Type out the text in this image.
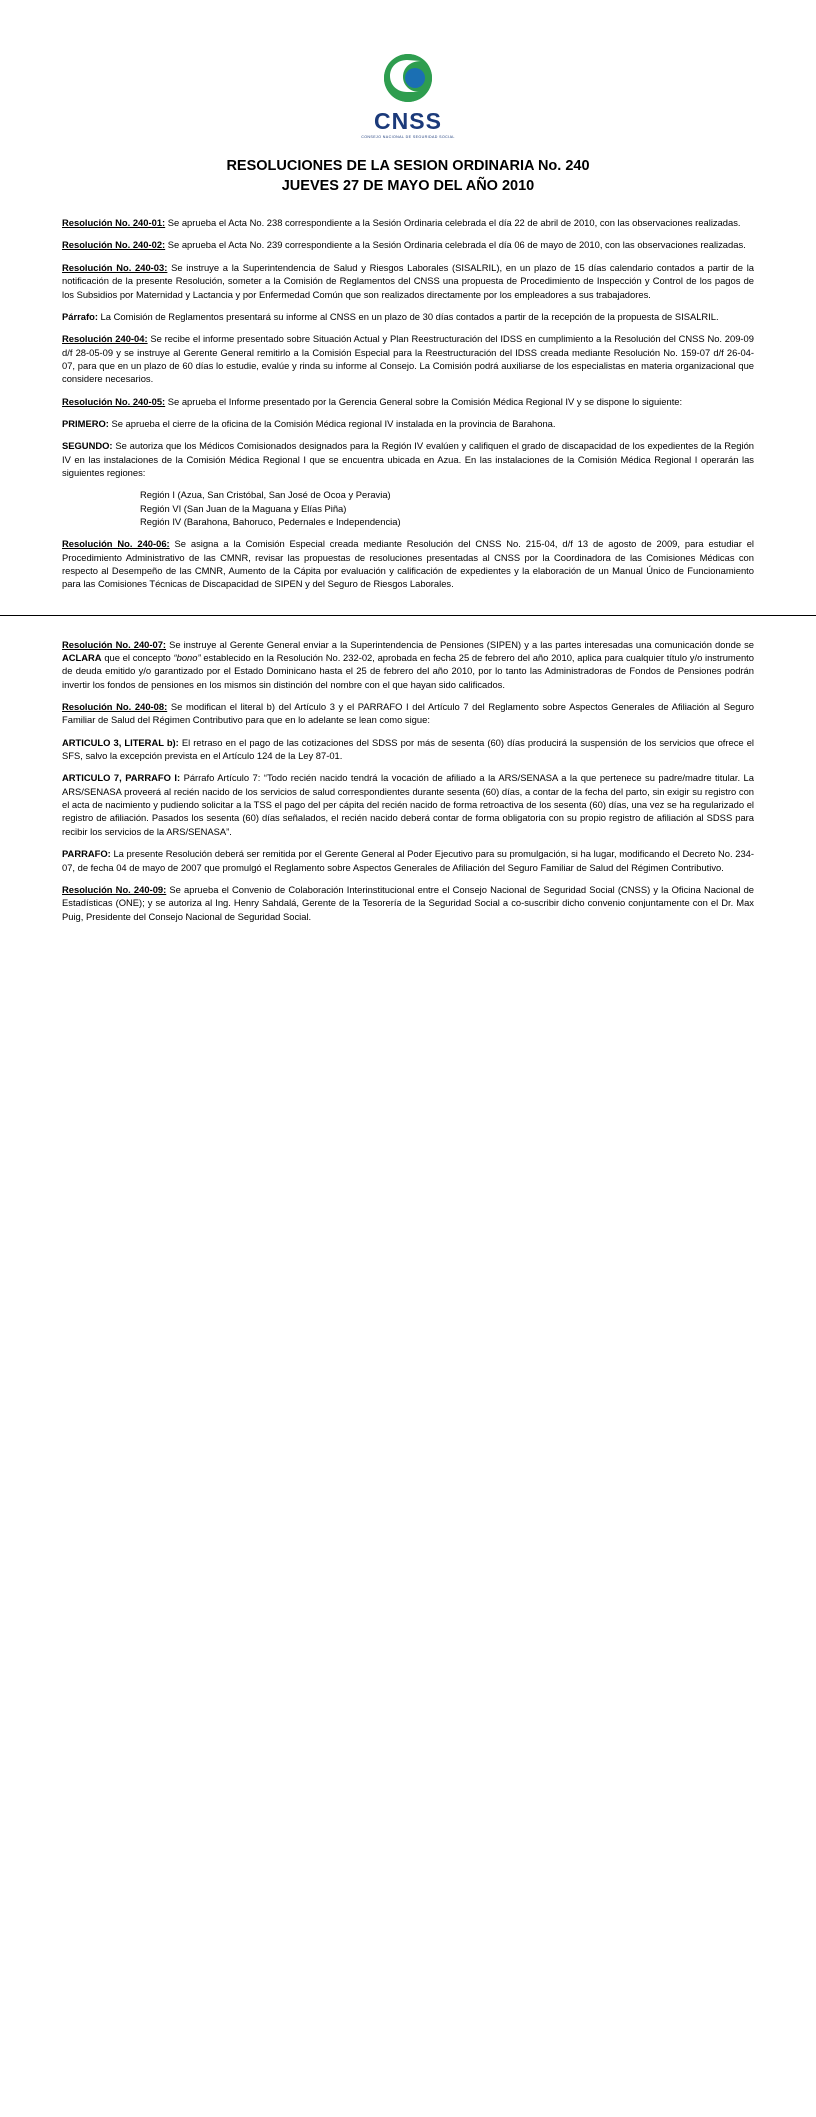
CNSS
CONSEJO NACIONAL DE SEGURIDAD SOCIAL
RESOLUCIONES DE LA SESION ORDINARIA No. 240
JUEVES 27 DE MAYO DEL AÑO 2010

Resolución No. 240-01: Se aprueba el Acta No. 238 correspondiente a la Sesión Ordinaria celebrada el día 22 de abril de 2010, con las observaciones realizadas.

Resolución No. 240-02: Se aprueba el Acta No. 239 correspondiente a la Sesión Ordinaria celebrada el día 06 de mayo de 2010, con las observaciones realizadas.

Resolución No. 240-03: Se instruye a la Superintendencia de Salud y Riesgos Laborales (SISALRIL), en un plazo de 15 días calendario contados a partir de la notificación de la presente Resolución, someter a la Comisión de Reglamentos del CNSS una propuesta de Procedimiento de Inspección y Control de los pagos de los Subsidios por Maternidad y Lactancia y por Enfermedad Común que son realizados directamente por los empleadores a sus trabajadores.

Párrafo: La Comisión de Reglamentos presentará su informe al CNSS en un plazo de 30 días contados a partir de la recepción de la propuesta de SISALRIL.

Resolución 240-04: Se recibe el informe presentado sobre Situación Actual y Plan Reestructuración del IDSS en cumplimiento a la Resolución del CNSS No. 209-09 d/f 28-05-09 y se instruye al Gerente General remitirlo a la Comisión Especial para la Reestructuración del IDSS creada mediante Resolución No. 159-07 d/f 26-04-07, para que en un plazo de 60 días lo estudie, evalúe y rinda su informe al Consejo. La Comisión podrá auxiliarse de los especialistas en materia organizacional que considere necesarios.

Resolución No. 240-05: Se aprueba el Informe presentado por la Gerencia General sobre la Comisión Médica Regional IV y se dispone lo siguiente:

PRIMERO: Se aprueba el cierre de la oficina de la Comisión Médica regional IV instalada en la provincia de Barahona.

SEGUNDO: Se autoriza que los Médicos Comisionados designados para la Región IV evalúen y califiquen el grado de discapacidad de los expedientes de la Región IV en las instalaciones de la Comisión Médica Regional I que se encuentra ubicada en Azua. En las instalaciones de la Comisión Médica Regional I operarán las siguientes regiones:

Región I (Azua, San Cristóbal, San José de Ocoa y Peravia)
Región VI (San Juan de la Maguana y Elías Piña)
Región IV (Barahona, Bahoruco, Pedernales e Independencia)

Resolución No. 240-06: Se asigna a la Comisión Especial creada mediante Resolución del CNSS No. 215-04, d/f 13 de agosto de 2009, para estudiar el Procedimiento Administrativo de las CMNR, revisar las propuestas de resoluciones presentadas al CNSS por la Coordinadora de las Comisiones Médicas con respecto al Desempeño de las CMNR, Aumento de la Cápita por evaluación y calificación de expedientes y la elaboración de un Manual Único de Funcionamiento para las Comisiones Técnicas de Discapacidad de SIPEN y del Seguro de Riesgos Laborales.

Resolución No. 240-07: Se instruye al Gerente General enviar a la Superintendencia de Pensiones (SIPEN) y a las partes interesadas una comunicación donde se ACLARA que el concepto “bono” establecido en la Resolución No. 232-02, aprobada en fecha 25 de febrero del año 2010, aplica para cualquier título y/o instrumento de deuda emitido y/o garantizado por el Estado Dominicano hasta el 25 de febrero del año 2010, por lo tanto las Administradoras de Fondos de Pensiones podrán invertir los fondos de pensiones en los mismos sin distinción del nombre con el que hayan sido calificados.

Resolución No. 240-08: Se modifican el literal b) del Artículo 3 y el PARRAFO I del Artículo 7 del Reglamento sobre Aspectos Generales de Afiliación al Seguro Familiar de Salud del Régimen Contributivo para que en lo adelante se lean como sigue:

ARTICULO 3, LITERAL b): El retraso en el pago de las cotizaciones del SDSS por más de sesenta (60) días producirá la suspensión de los servicios que ofrece el SFS, salvo la excepción prevista en el Artículo 124 de la Ley 87-01.

ARTICULO 7, PARRAFO I: Párrafo Artículo 7: “Todo recién nacido tendrá la vocación de afiliado a la ARS/SENASA a la que pertenece su padre/madre titular. La ARS/SENASA proveerá al recién nacido de los servicios de salud correspondientes durante sesenta (60) días, a contar de la fecha del parto, sin exigir su registro con el acta de nacimiento y pudiendo solicitar a la TSS el pago del per cápita del recién nacido de forma retroactiva de los sesenta (60) días, una vez se ha regularizado el registro de afiliación. Pasados los sesenta (60) días señalados, el recién nacido deberá contar de forma obligatoria con su propio registro de afiliación al SDSS para recibir los servicios de la ARS/SENASA”.

PARRAFO: La presente Resolución deberá ser remitida por el Gerente General al Poder Ejecutivo para su promulgación, si ha lugar, modificando el Decreto No. 234-07, de fecha 04 de mayo de 2007 que promulgó el Reglamento sobre Aspectos Generales de Afiliación del Seguro Familiar de Salud del Régimen Contributivo.

Resolución No. 240-09: Se aprueba el Convenio de Colaboración Interinstitucional entre el Consejo Nacional de Seguridad Social (CNSS) y la Oficina Nacional de Estadísticas (ONE); y se autoriza al Ing. Henry Sahdalá, Gerente de la Tesorería de la Seguridad Social a co-suscribir dicho convenio conjuntamente con el Dr. Max Puig, Presidente del Consejo Nacional de Seguridad Social.
